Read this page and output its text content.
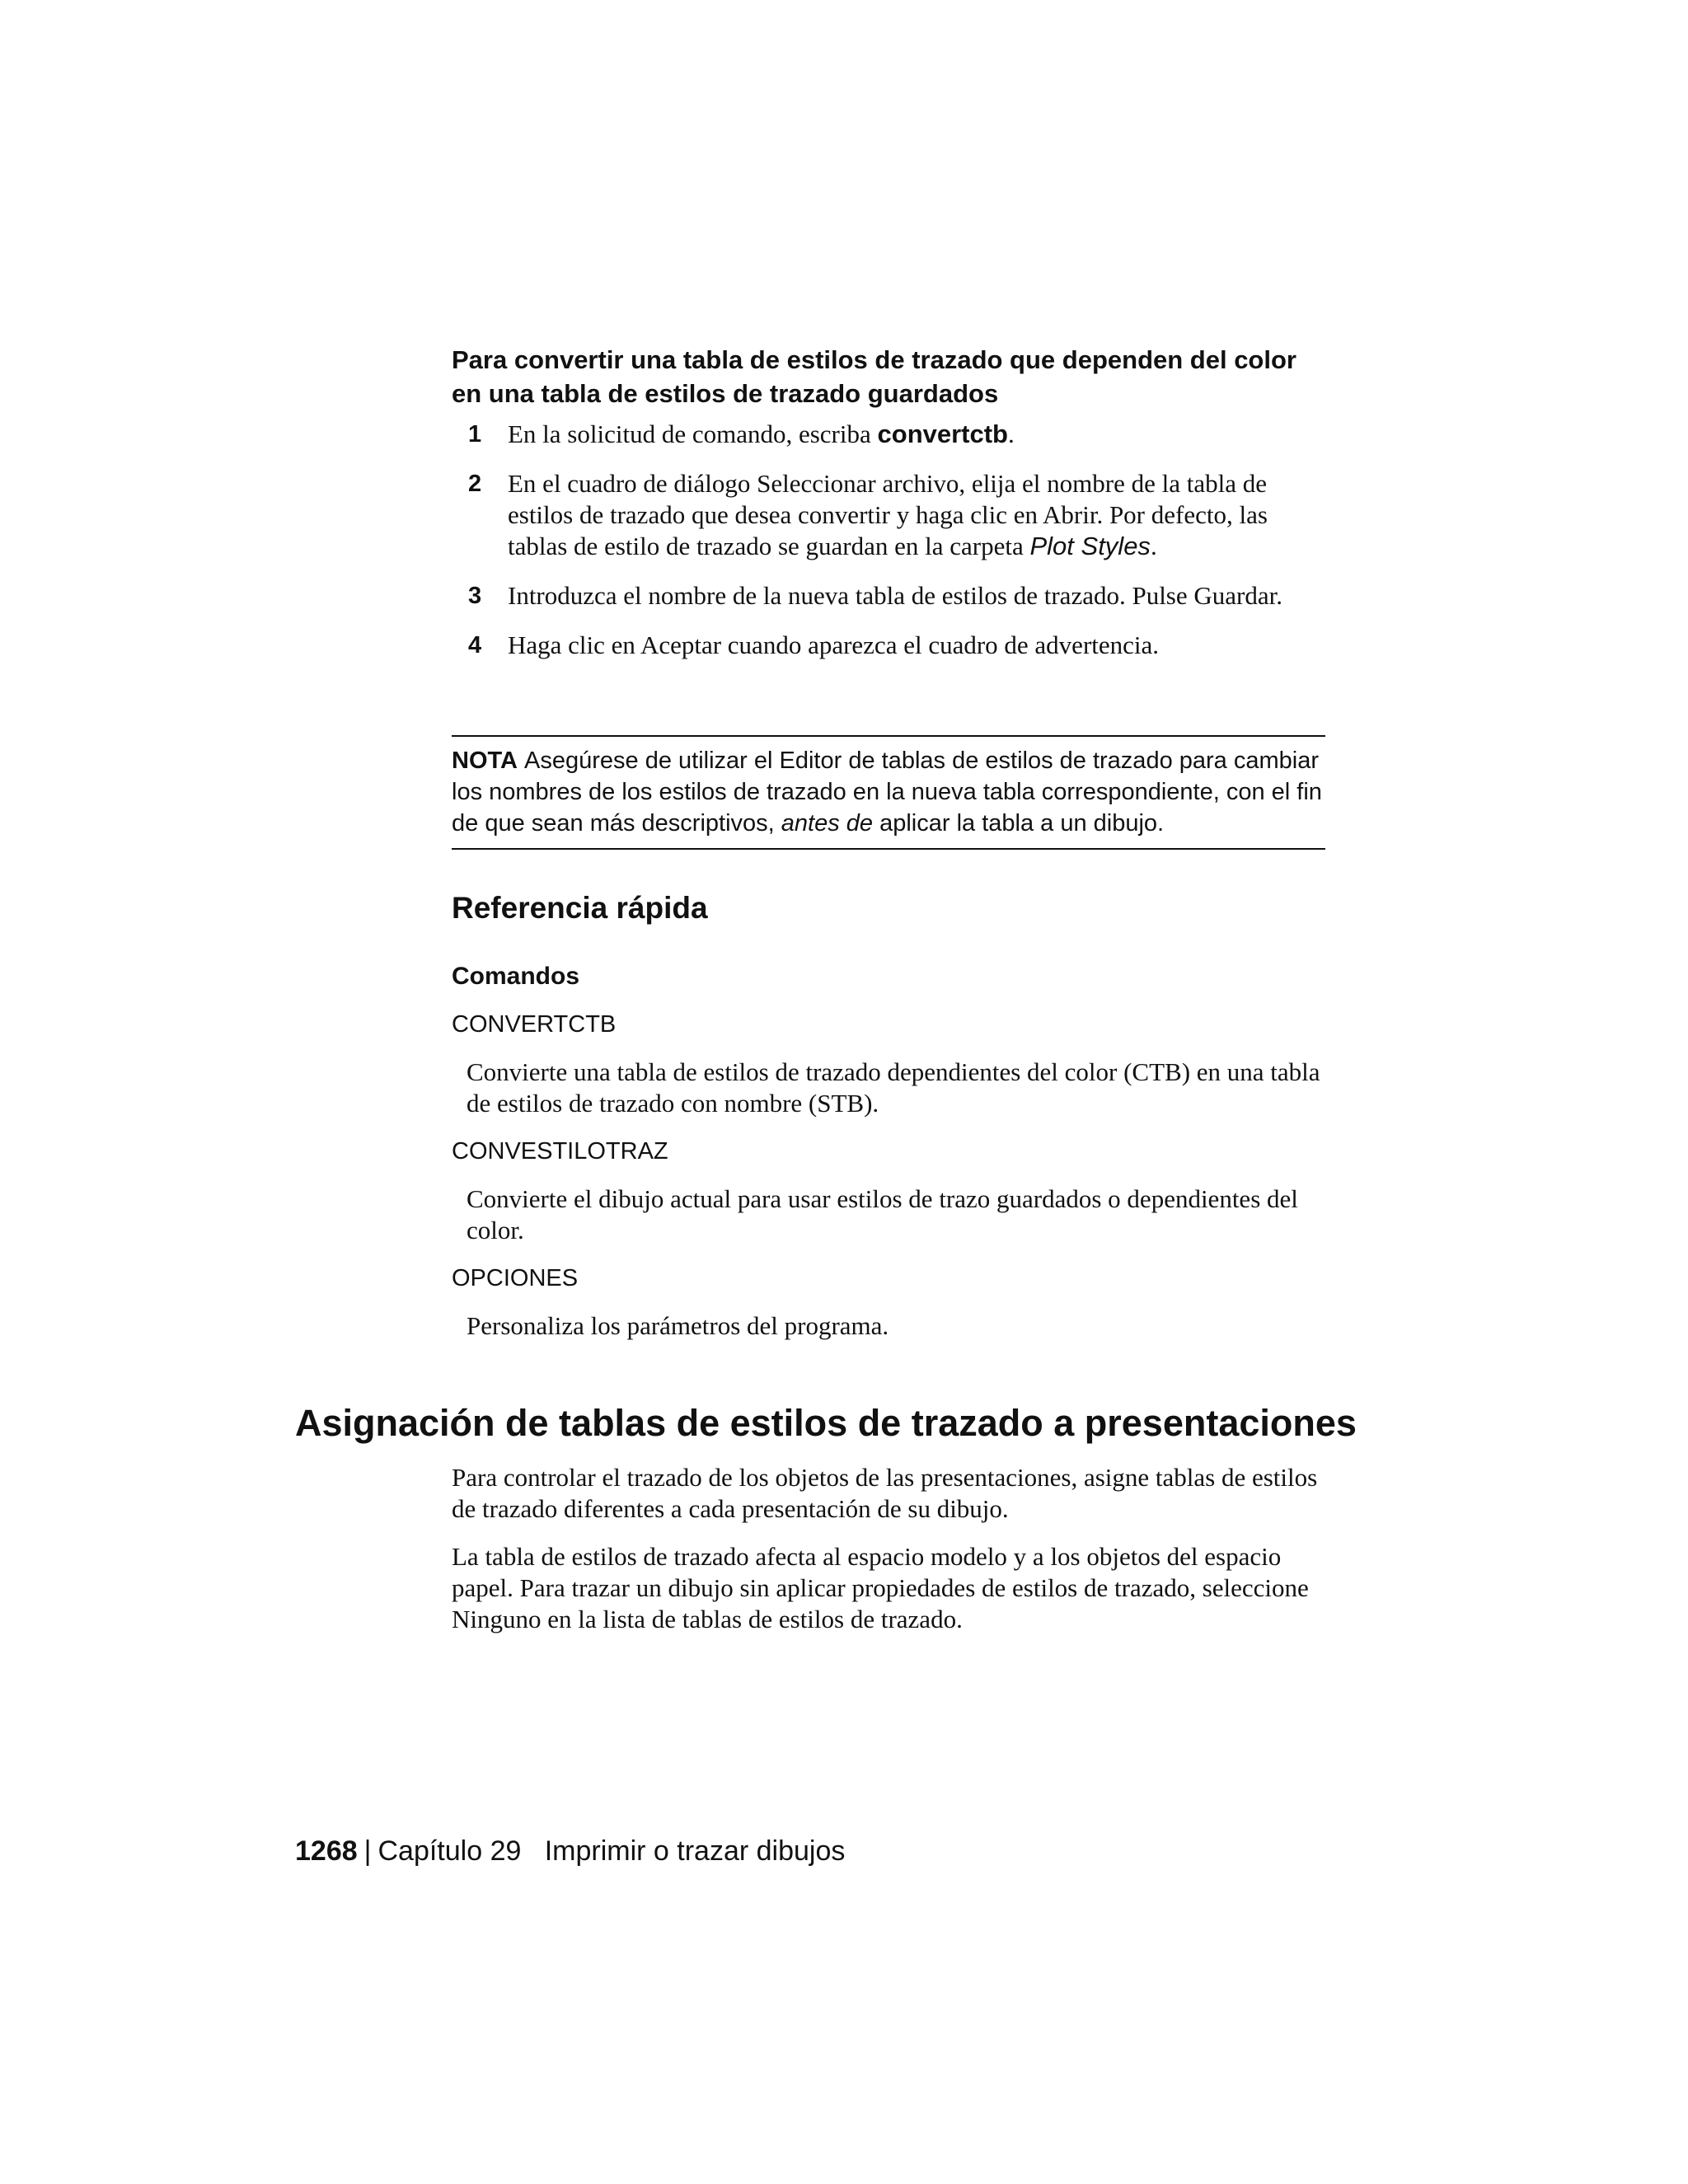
Para convertir una tabla de estilos de trazado que dependen del color en una tabla de estilos de trazado guardados
1 En la solicitud de comando, escriba convertctb.
2 En el cuadro de diálogo Seleccionar archivo, elija el nombre de la tabla de estilos de trazado que desea convertir y haga clic en Abrir. Por defecto, las tablas de estilo de trazado se guardan en la carpeta Plot Styles.
3 Introduzca el nombre de la nueva tabla de estilos de trazado. Pulse Guardar.
4 Haga clic en Aceptar cuando aparezca el cuadro de advertencia.
NOTA Asegúrese de utilizar el Editor de tablas de estilos de trazado para cambiar los nombres de los estilos de trazado en la nueva tabla correspondiente, con el fin de que sean más descriptivos, antes de aplicar la tabla a un dibujo.
Referencia rápida
Comandos
CONVERTCTB
Convierte una tabla de estilos de trazado dependientes del color (CTB) en una tabla de estilos de trazado con nombre (STB).
CONVESTILOTRAZ
Convierte el dibujo actual para usar estilos de trazo guardados o dependientes del color.
OPCIONES
Personaliza los parámetros del programa.
Asignación de tablas de estilos de trazado a presentaciones

Para controlar el trazado de los objetos de las presentaciones, asigne tablas de estilos de trazado diferentes a cada presentación de su dibujo.

La tabla de estilos de trazado afecta al espacio modelo y a los objetos del espacio papel. Para trazar un dibujo sin aplicar propiedades de estilos de trazado, seleccione Ninguno en la lista de tablas de estilos de trazado.

1268 | Capítulo 29 Imprimir o trazar dibujos
